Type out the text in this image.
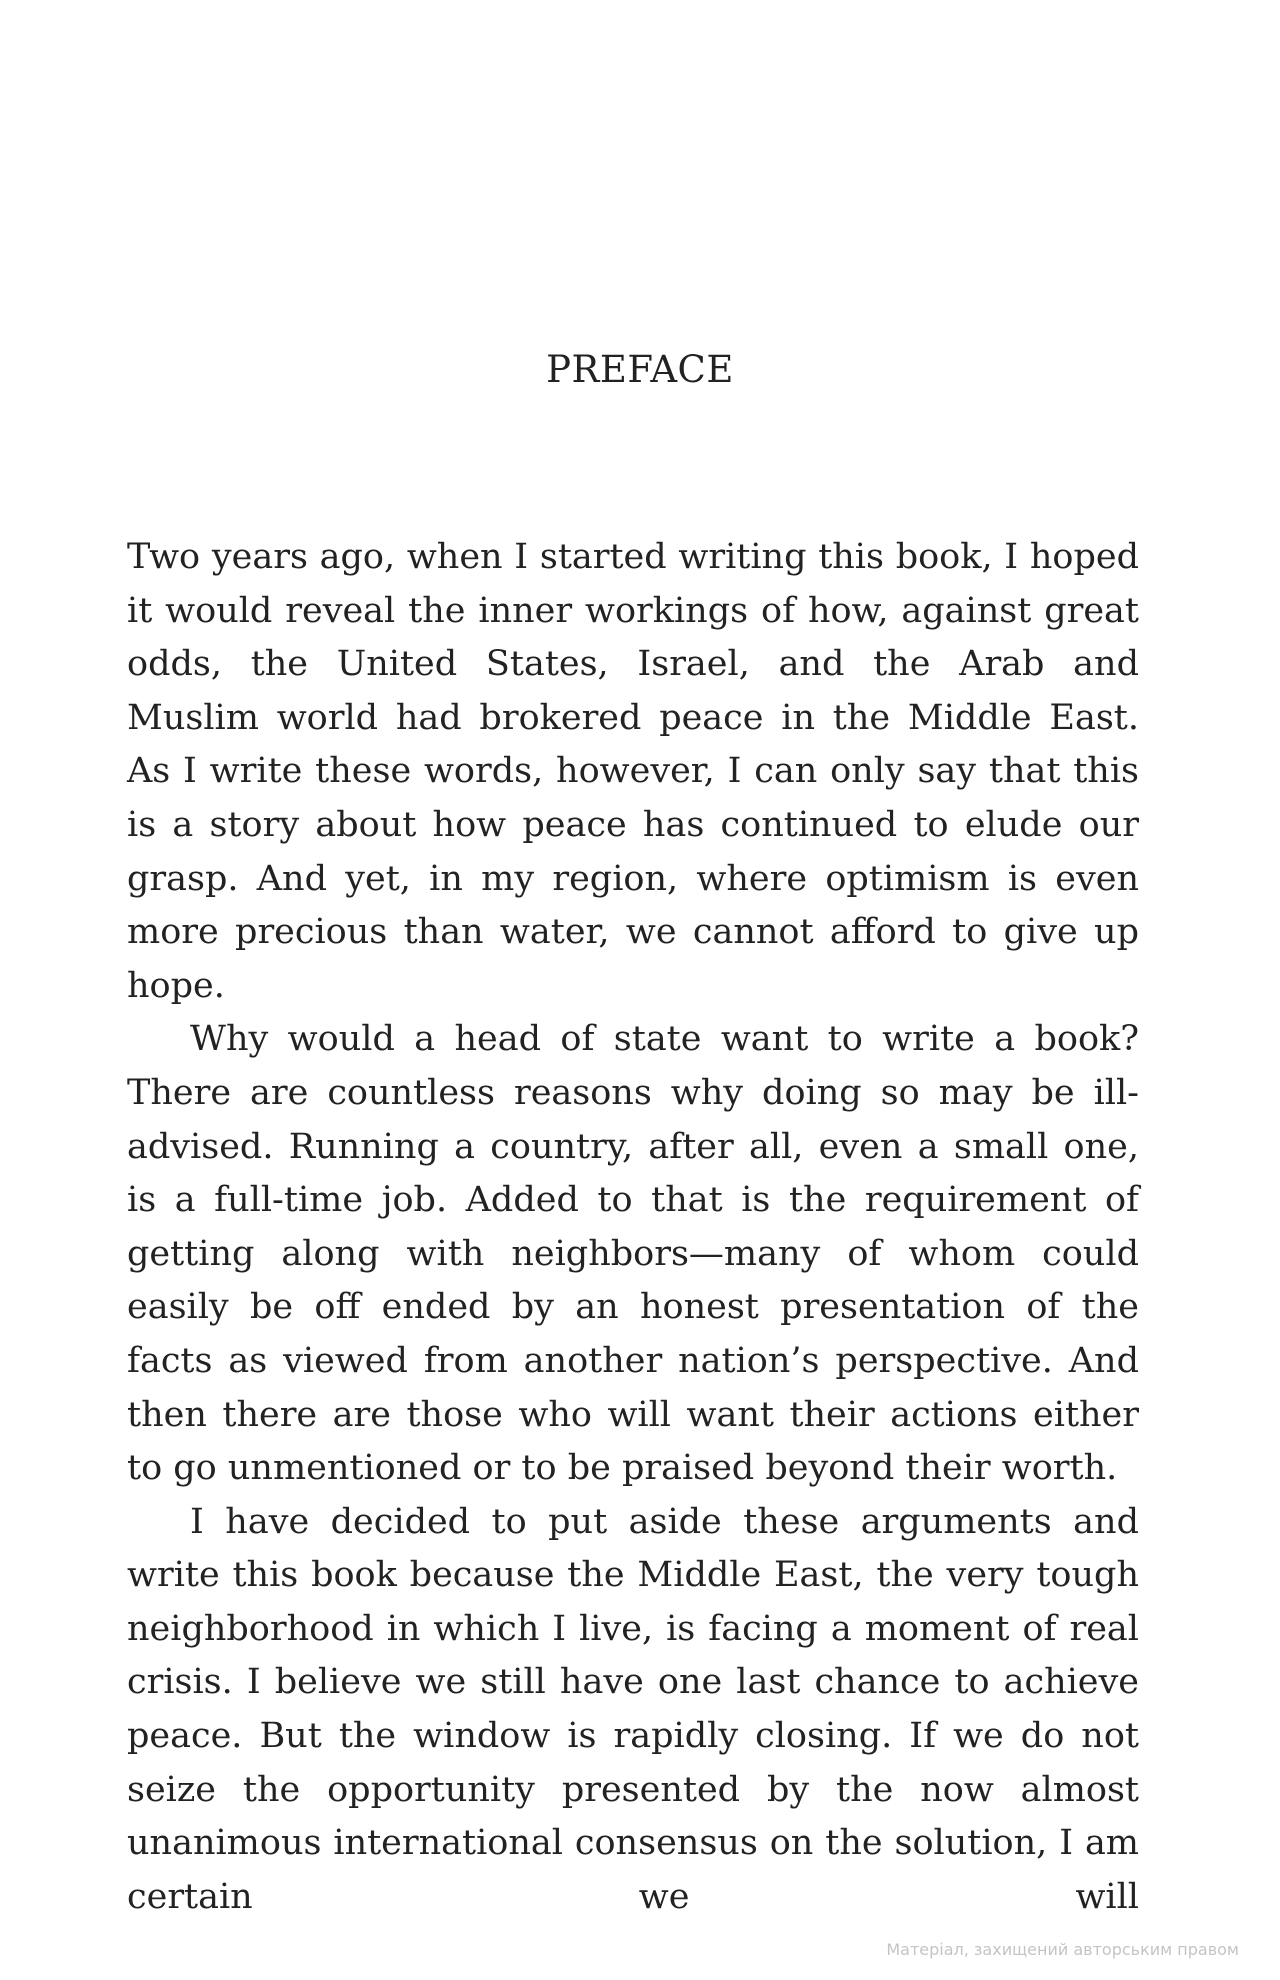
PREFACE

Two years ago, when I started writing this book, I hoped it would reveal the inner workings of how, against great odds, the United States, Israel, and the Arab and Muslim world had brokered peace in the Middle East. As I write these words, however, I can only say that this is a story about how peace has continued to elude our grasp. And yet, in my region, where optimism is even more precious than water, we cannot afford to give up hope.

Why would a head of state want to write a book? There are countless reasons why doing so may be ill-advised. Running a country, after all, even a small one, is a full-time job. Added to that is the requirement of getting along with neighbors—many of whom could easily be off ended by an honest presentation of the facts as viewed from another nation’s perspective. And then there are those who will want their actions either to go unmentioned or to be praised beyond their worth.

I have decided to put aside these arguments and write this book because the Middle East, the very tough neighborhood in which I live, is facing a moment of real crisis. I believe we still have one last chance to achieve peace. But the window is rapidly closing. If we do not seize the opportunity presented by the now almost unanimous international consensus on the solution, I am certain we will

Матеріал, захищений авторським правом
